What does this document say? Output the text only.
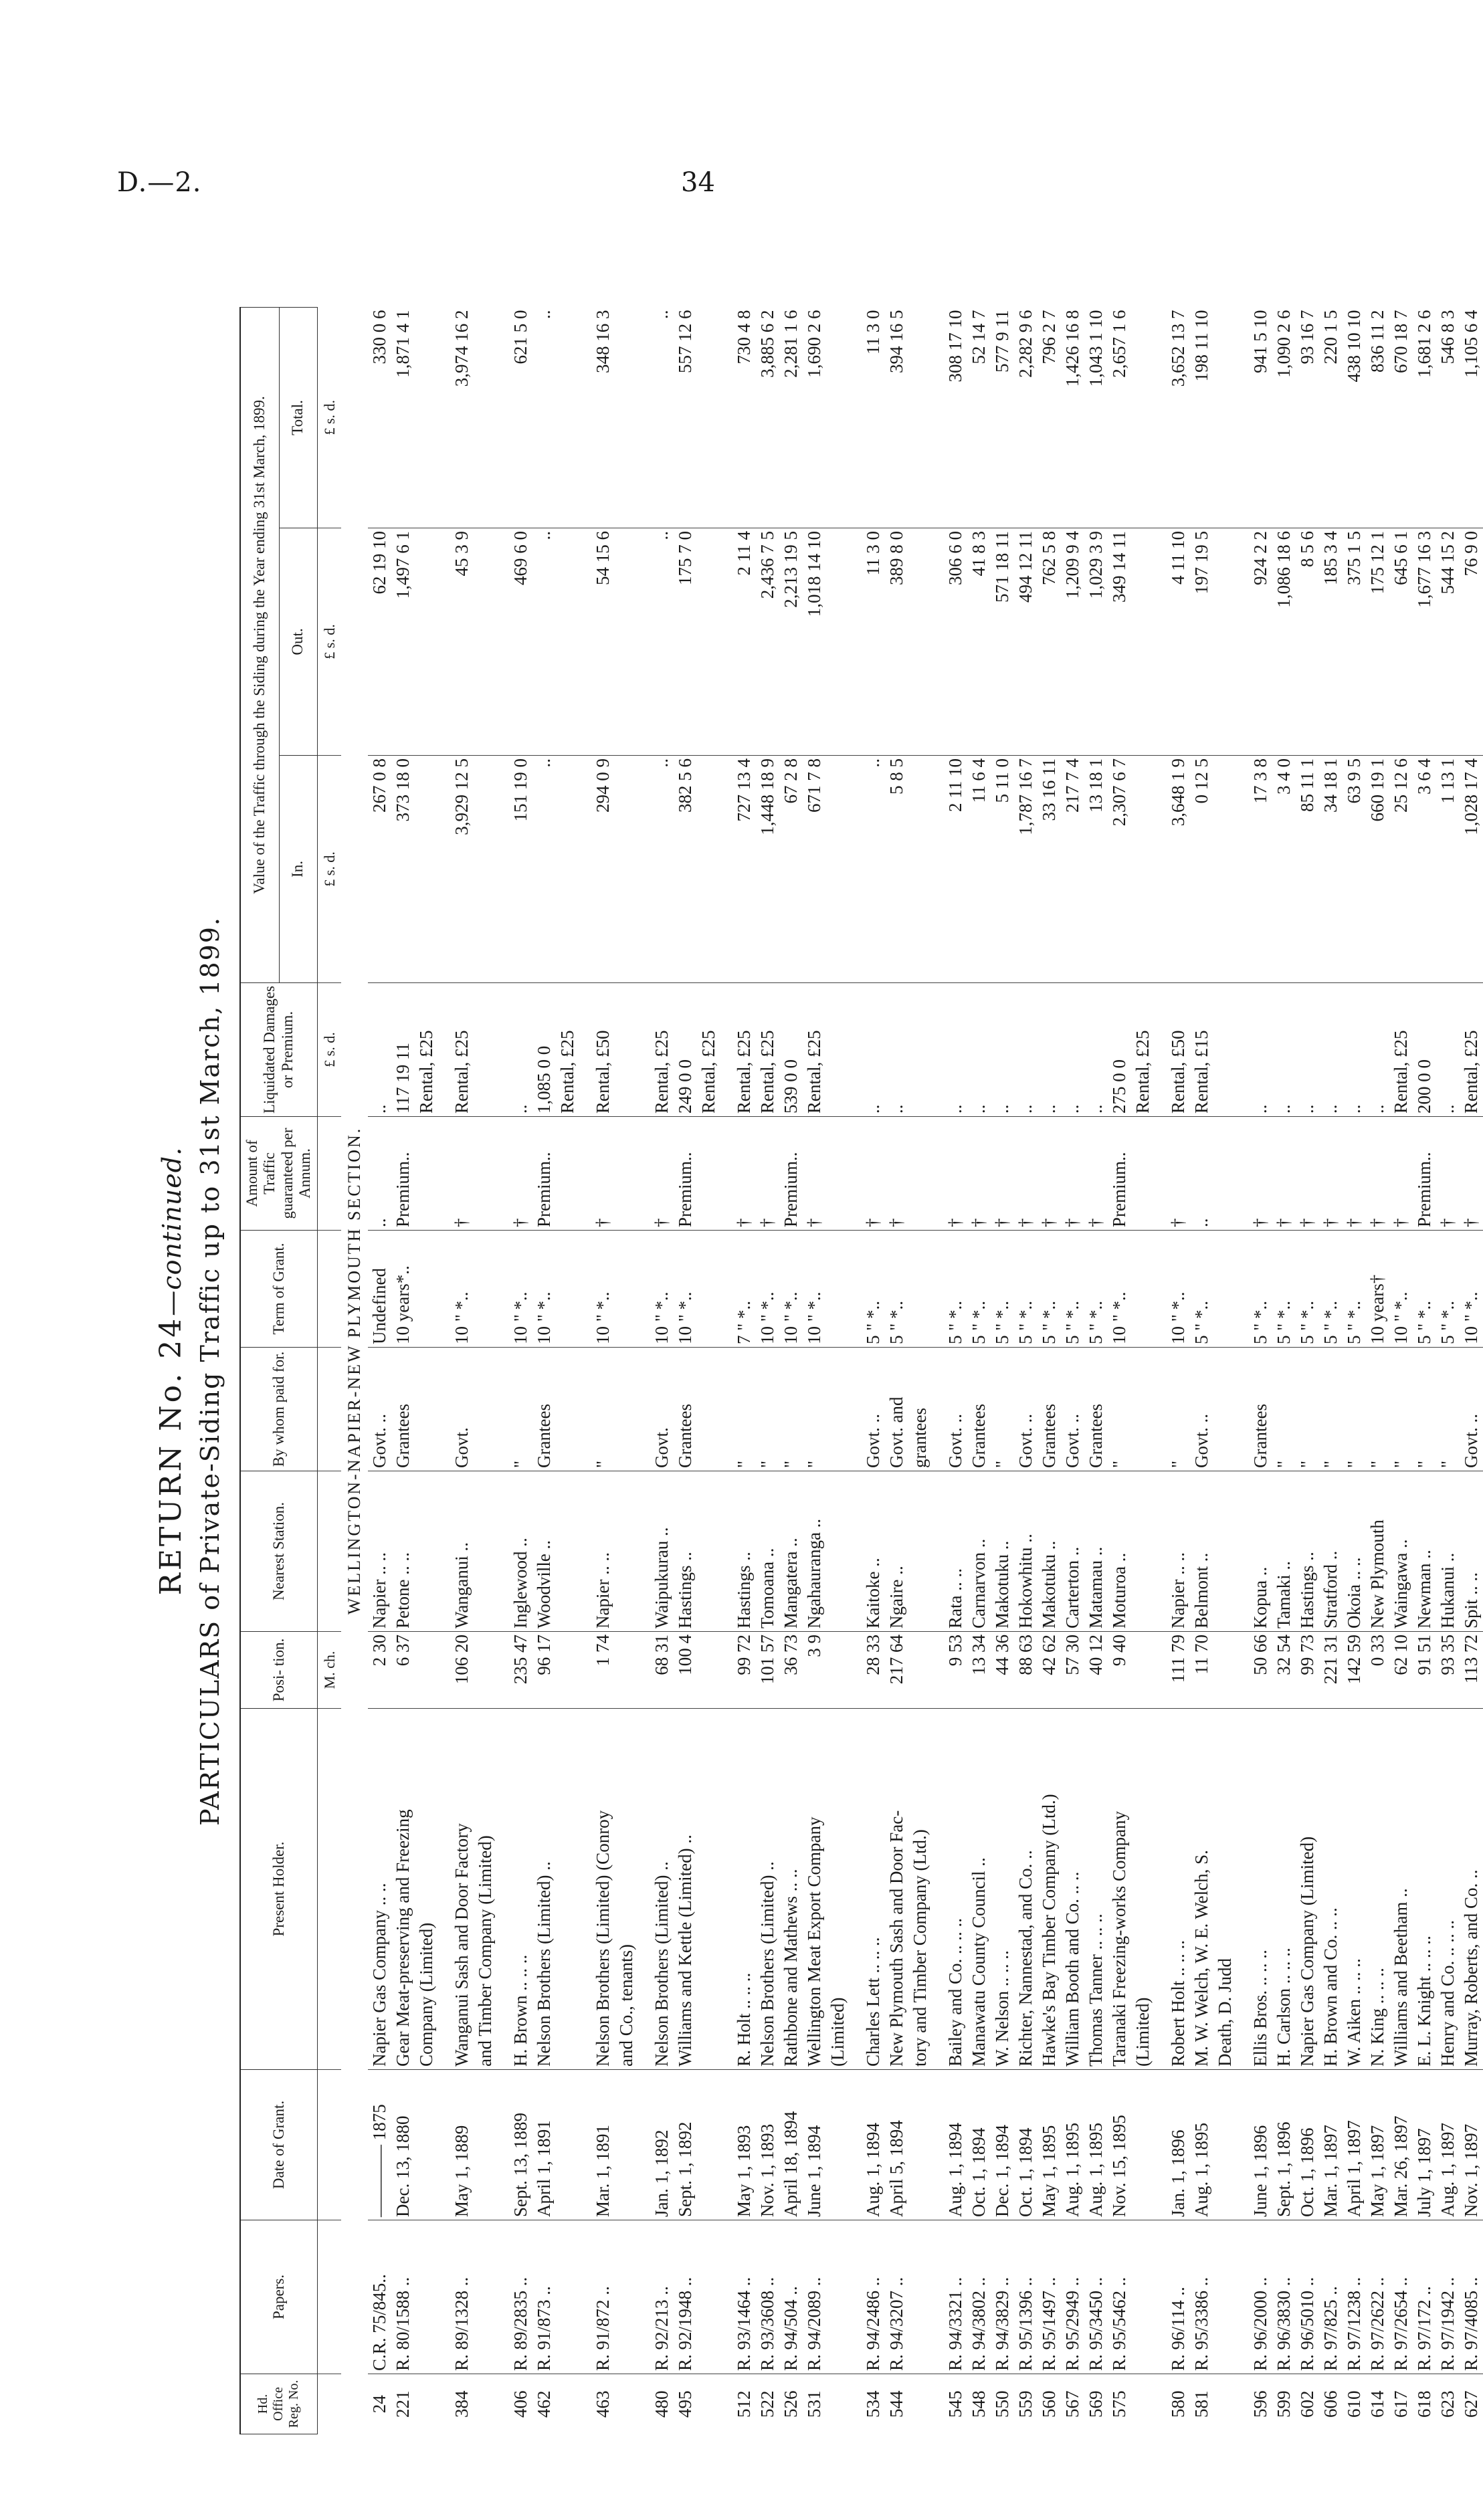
D.—2.	34
RETURN No. 24—continued. PARTICULARS of Private-Siding Traffic up to 31st March, 1899.
Hd. Office Reg. No.	Papers.	Date of Grant.	Present Holder.	Posi- tion.	Nearest Station.	By whom paid for.	Term of Grant.	Amount of Traffic guaranteed per Annum.	Liquidated Damages or Premium.	Value of the Traffic through the Siding during the Year ending 31st March, 1899.		
										In.	Out.	Total.
				M. ch.					£ s. d.	£ s. d.	£ s. d.	£ s. d.
WELLINGTON-NAPIER-NEW PLYMOUTH SECTION.												
24	C.R. 75/845..	———— 1875	Napier Gas Company .. ..	2 30	Napier .. ..	Govt. ..	Undefined	..	..	267 0 8	62 19 10	330 0 6
221	R. 80/1588 ..	Dec. 13, 1880	Gear Meat-preserving and Freezing	6 37	Petone .. ..	Grantees	10 years*..	Premium..	117 19 11	373 18 0	1,497 6 1	1,871 4 1
			Company (Limited)						Rental, £25			

384	R. 89/1328 ..	May 1, 1889	Wanganui Sash and Door Factory	106 20	Wanganui ..	Govt.	10 " *..	†	Rental, £25	3,929 12 5	45 3 9	3,974 16 2
			and Timber Company (Limited)									

406	R. 89/2835 ..	Sept. 13, 1889	H. Brown .. .. ..	235 47	Inglewood ..	"	10 " *..	†	..	151 19 0	469 6 0	621 5 0
462	R. 91/873 ..	April 1, 1891	Nelson Brothers (Limited) ..	96 17	Woodville ..	Grantees	10 " *..	Premium..	1,085 0 0	..	..	..
									Rental, £25			

463	R. 91/872 ..	Mar. 1, 1891	Nelson Brothers (Limited) (Conroy	1 74	Napier .. ..	"	10 " *..	†	Rental, £50	294 0 9	54 15 6	348 16 3
			and Co., tenants)									

480	R. 92/213 ..	Jan. 1, 1892	Nelson Brothers (Limited) ..	68 31	Waipukurau ..	Govt.	10 " *..	†	Rental, £25	..	..	..
495	R. 92/1948 ..	Sept. 1, 1892	Williams and Kettle (Limited) ..	100 4	Hastings ..	Grantees	10 " *..	Premium..	249 0 0	382 5 6	175 7 0	557 12 6
									Rental, £25			

512	R. 93/1464 ..	May 1, 1893	R. Holt .. .. ..	99 72	Hastings ..	"	7 " *..	†	Rental, £25	727 13 4	2 11 4	730 4 8
522	R. 93/3608 ..	Nov. 1, 1893	Nelson Brothers (Limited) ..	101 57	Tomoana ..	"	10 " *..	†	Rental, £25	1,448 18 9	2,436 7 5	3,885 6 2
526	R. 94/504 ..	April 18, 1894	Rathbone and Mathews .. ..	36 73	Mangatera ..	"	10 " *..	Premium..	539 0 0	67 2 8	2,213 19 5	2,281 1 6
531	R. 94/2089 ..	June 1, 1894	Wellington Meat Export Company	3 9	Ngahauranga ..	"	10 " *..	†	Rental, £25	671 7 8	1,018 14 10	1,690 2 6
			(Limited)									

534	R. 94/2486 ..	Aug. 1, 1894	Charles Lett .. .. ..	28 33	Kaitoke ..	Govt. ..	5 " *..	†	..	..	11 3 0	11 3 0
544	R. 94/3207 ..	April 5, 1894	New Plymouth Sash and Door Fac-	217 64	Ngaire ..	Govt. and	5 " *..	†	..	5 8 5	389 8 0	394 16 5
			tory and Timber Company (Ltd.)			grantees						

545	R. 94/3321 ..	Aug. 1, 1894	Bailey and Co. .. .. ..	9 53	Rata .. ..	Govt. ..	5 " *..	†	..	2 11 10	306 6 0	308 17 10
548	R. 94/3802 ..	Oct. 1, 1894	Manawatu County Council ..	13 34	Carnarvon ..	Grantees	5 " *..	†	..	11 6 4	41 8 3	52 14 7
550	R. 94/3829 ..	Dec. 1, 1894	W. Nelson .. .. ..	44 36	Makotuku ..	"	5 " *..	†	..	5 11 0	571 18 11	577 9 11
559	R. 95/1396 ..	Oct. 1, 1894	Richter, Nannestad, and Co. ..	88 63	Hokowhitu ..	Govt. ..	5 " *..	†	..	1,787 16 7	494 12 11	2,282 9 6
560	R. 95/1497 ..	May 1, 1895	Hawke's Bay Timber Company (Ltd.)	42 62	Makotuku ..	Grantees	5 " *..	†	..	33 16 11	762 5 8	796 2 7
567	R. 95/2949 ..	Aug. 1, 1895	William Booth and Co. .. ..	57 30	Carterton ..	Govt. ..	5 " *..	†	..	217 7 4	1,209 9 4	1,426 16 8
569	R. 95/3450 ..	Aug. 1, 1895	Thomas Tanner .. .. ..	40 12	Matamau ..	Grantees	5 " *..	†	..	13 18 1	1,029 3 9	1,043 1 10
575	R. 95/5462 ..	Nov. 15, 1895	Taranaki Freezing-works Company	9 40	Moturoa ..	"	10 " *..	Premium..	275 0 0	2,307 6 7	349 14 11	2,657 1 6
			(Limited)						Rental, £25			

580	R. 96/114 ..	Jan. 1, 1896	Robert Holt .. .. ..	111 79	Napier .. ..	"	10 " *..	†	Rental, £50	3,648 1 9	4 11 10	3,652 13 7
581	R. 95/3386 ..	Aug. 1, 1895	M. W. Welch, W. E. Welch, S.	11 70	Belmont ..	Govt. ..	5 " *..	..	Rental, £15	0 12 5	197 19 5	198 11 10
			Death, D. Judd									

596	R. 96/2000 ..	June 1, 1896	Ellis Bros. .. .. ..	50 66	Kopua ..	Grantees	5 " *..	†	..	17 3 8	924 2 2	941 5 10
599	R. 96/3830 ..	Sept. 1, 1896	H. Carlson .. .. ..	32 54	Tamaki ..	"	5 " *..	†	..	3 4 0	1,086 18 6	1,090 2 6
602	R. 96/5010 ..	Oct. 1, 1896	Napier Gas Company (Limited)	99 73	Hastings ..	"	5 " *..	†	..	85 11 1	8 5 6	93 16 7
606	R. 97/825 ..	Mar. 1, 1897	H. Brown and Co. .. ..	221 31	Stratford ..	"	5 " *..	†	..	34 18 1	185 3 4	220 1 5
610	R. 97/1238 ..	April 1, 1897	W. Aiken .. .. ..	142 59	Okoia .. ..	"	5 " *..	†	..	63 9 5	375 1 5	438 10 10
614	R. 97/2622 ..	May 1, 1897	N. King .. .. ..	0 33	New Plymouth	"	10 years†	†	..	660 19 1	175 12 1	836 11 2
617	R. 97/2654 ..	Mar. 26, 1897	Williams and Beetham ..	62 10	Waingawa ..	"	10 " *..	†	Rental, £25	25 12 6	645 6 1	670 18 7
618	R. 97/172 ..	July 1, 1897	E. L. Knight .. .. ..	91 51	Newman ..	"	5 " *..	Premium..	200 0 0	3 6 4	1,677 16 3	1,681 2 6
623	R. 97/1942 ..	Aug. 1, 1897	Henry and Co. .. .. ..	93 35	Hukanui ..	"	5 " *..	†	..	1 13 1	544 15 2	546 8 3
627	R. 97/4085 ..	Nov. 1, 1897	Murray, Roberts, and Co. ..	113 72	Spit .. ..	Govt. ..	10 " *..	†	Rental, £25	1,028 17 4	76 9 0	1,105 6 4
